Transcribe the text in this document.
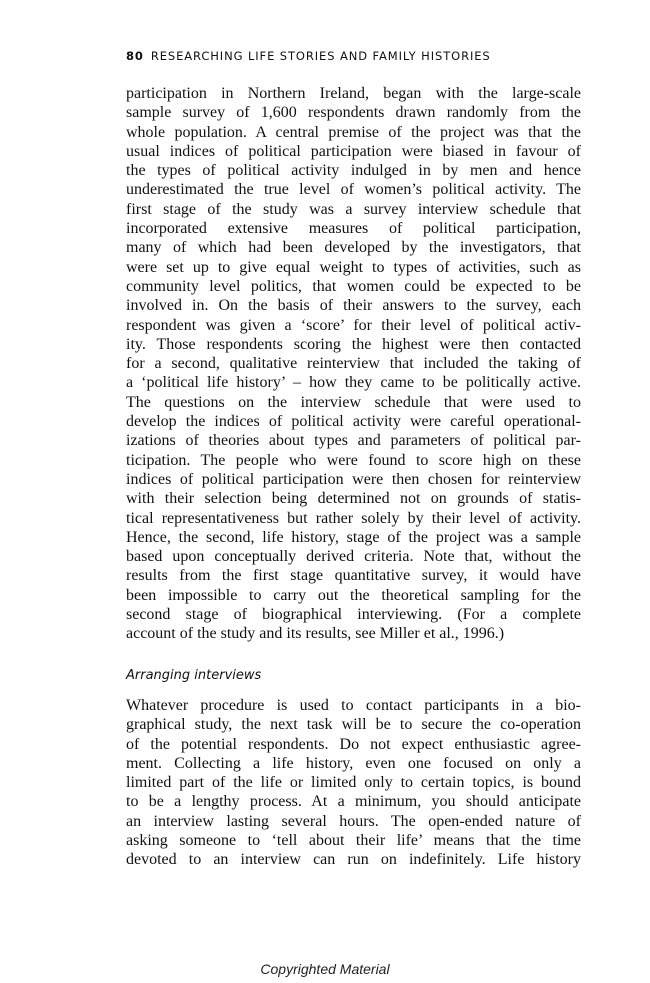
80 RESEARCHING LIFE STORIES AND FAMILY HISTORIES
participation in Northern Ireland, began with the large-scale
sample survey of 1,600 respondents drawn randomly from the
whole population. A central premise of the project was that the
usual indices of political participation were biased in favour of
the types of political activity indulged in by men and hence
underestimated the true level of women’s political activity. The
first stage of the study was a survey interview schedule that
incorporated extensive measures of political participation,
many of which had been developed by the investigators, that
were set up to give equal weight to types of activities, such as
community level politics, that women could be expected to be
involved in. On the basis of their answers to the survey, each
respondent was given a ‘score’ for their level of political activ-
ity. Those respondents scoring the highest were then contacted
for a second, qualitative reinterview that included the taking of
a ‘political life history’ – how they came to be politically active.
The questions on the interview schedule that were used to
develop the indices of political activity were careful operational-
izations of theories about types and parameters of political par-
ticipation. The people who were found to score high on these
indices of political participation were then chosen for reinterview
with their selection being determined not on grounds of statis-
tical representativeness but rather solely by their level of activity.
Hence, the second, life history, stage of the project was a sample
based upon conceptually derived criteria. Note that, without the
results from the first stage quantitative survey, it would have
been impossible to carry out the theoretical sampling for the
second stage of biographical interviewing. (For a complete
account of the study and its results, see Miller et al., 1996.)
Arranging interviews
Whatever procedure is used to contact participants in a bio-
graphical study, the next task will be to secure the co-operation
of the potential respondents. Do not expect enthusiastic agree-
ment. Collecting a life history, even one focused on only a
limited part of the life or limited only to certain topics, is bound
to be a lengthy process. At a minimum, you should anticipate
an interview lasting several hours. The open-ended nature of
asking someone to ‘tell about their life’ means that the time
devoted to an interview can run on indefinitely. Life history
Copyrighted Material
